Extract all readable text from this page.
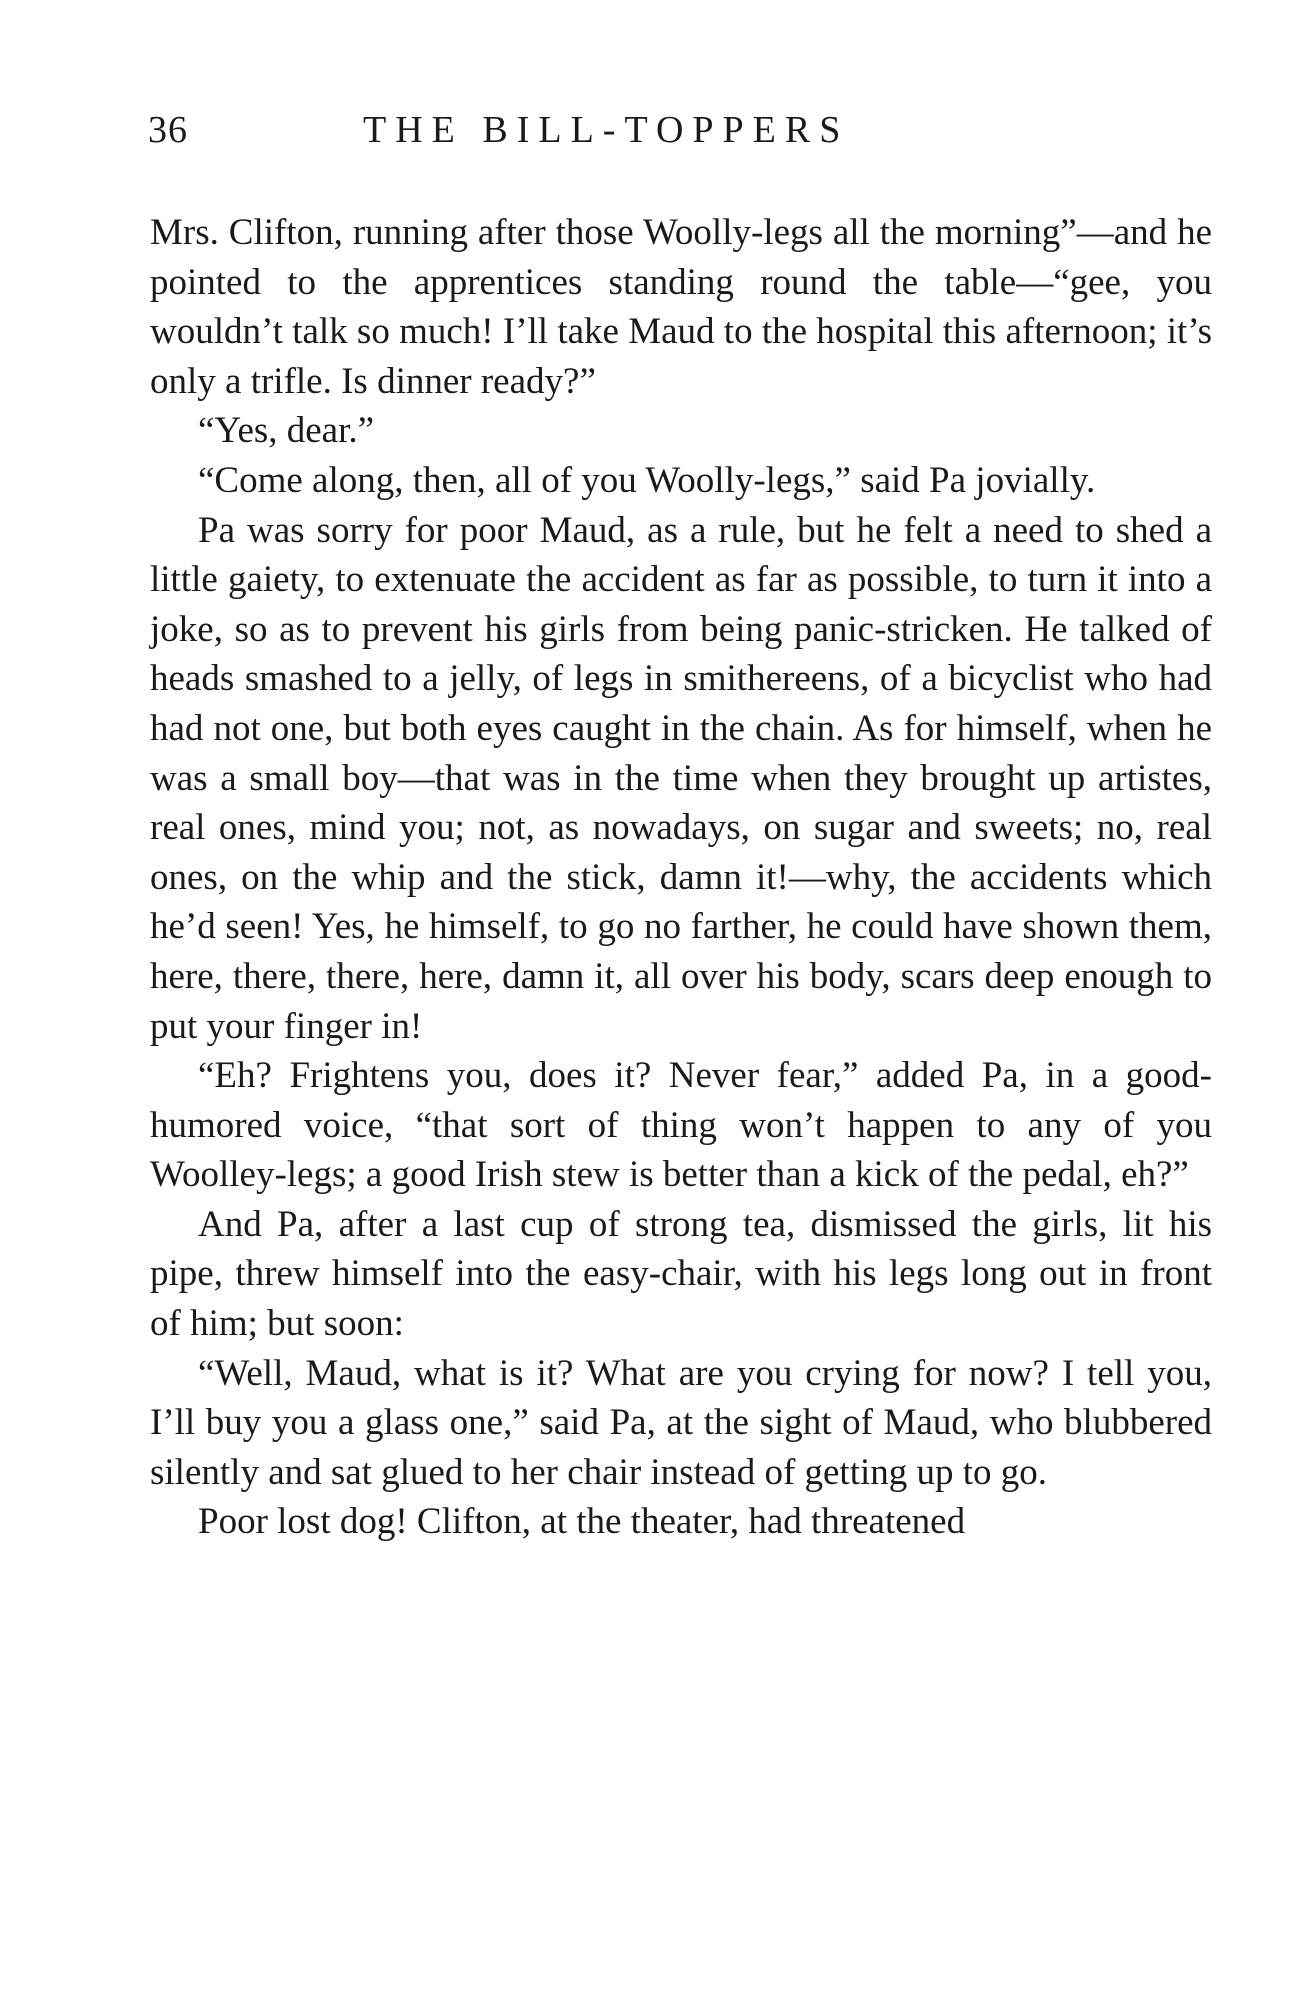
36	THE BILL-TOPPERS

Mrs. Clifton, running after those Woolly-legs all the morning”—and he pointed to the apprentices standing round the table—“gee, you wouldn’t talk so much! I’ll take Maud to the hospital this afternoon; it’s only a trifle. Is dinner ready?”

“Yes, dear.”

“Come along, then, all of you Woolly-legs,” said Pa jovially.

Pa was sorry for poor Maud, as a rule, but he felt a need to shed a little gaiety, to extenuate the accident as far as possible, to turn it into a joke, so as to prevent his girls from being panic-stricken. He talked of heads smashed to a jelly, of legs in smithereens, of a bicyclist who had had not one, but both eyes caught in the chain. As for himself, when he was a small boy—that was in the time when they brought up artistes, real ones, mind you; not, as nowadays, on sugar and sweets; no, real ones, on the whip and the stick, damn it!—why, the accidents which he’d seen! Yes, he himself, to go no farther, he could have shown them, here, there, there, here, damn it, all over his body, scars deep enough to put your finger in!

“Eh? Frightens you, does it? Never fear,” added Pa, in a good-humored voice, “that sort of thing won’t happen to any of you Woolley-legs; a good Irish stew is better than a kick of the pedal, eh?”

And Pa, after a last cup of strong tea, dismissed the girls, lit his pipe, threw himself into the easy-chair, with his legs long out in front of him; but soon:

“Well, Maud, what is it? What are you crying for now? I tell you, I’ll buy you a glass one,” said Pa, at the sight of Maud, who blubbered silently and sat glued to her chair instead of getting up to go.

Poor lost dog! Clifton, at the theater, had threatened
